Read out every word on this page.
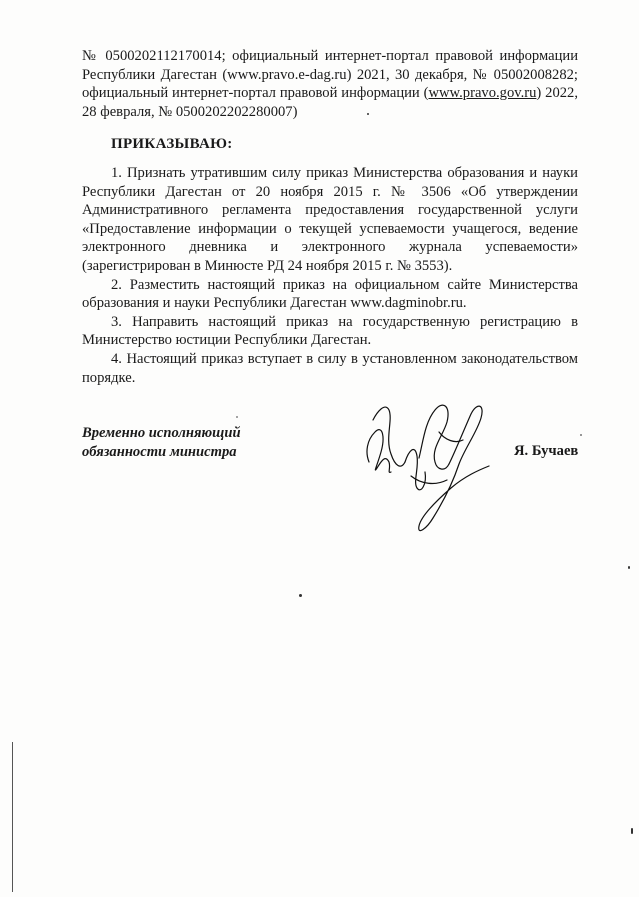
№ 0500202112170014; официальный интернет-портал правовой информации Республики Дагестан (www.pravo.e-dag.ru) 2021, 30 декабря, № 05002008282; официальный интернет-портал правовой информации (www.pravo.gov.ru) 2022, 28 февраля, № 0500202202280007)
ПРИКАЗЫВАЮ:

1. Признать утратившим силу приказ Министерства образования и науки Республики Дагестан от 20 ноября 2015 г. № 3506 «Об утверждении Административного регламента предоставления государственной услуги «Предоставление информации о текущей успеваемости учащегося, ведение электронного дневника и электронного журнала успеваемости» (зарегистрирован в Минюсте РД 24 ноября 2015 г. № 3553).

2. Разместить настоящий приказ на официальном сайте Министерства образования и науки Республики Дагестан www.dagminobr.ru.

3. Направить настоящий приказ на государственную регистрацию в Министерство юстиции Республики Дагестан.

4. Настоящий приказ вступает в силу в установленном законодательством порядке.

Временно исполняющий
обязанности министра	Я. Бучаев
